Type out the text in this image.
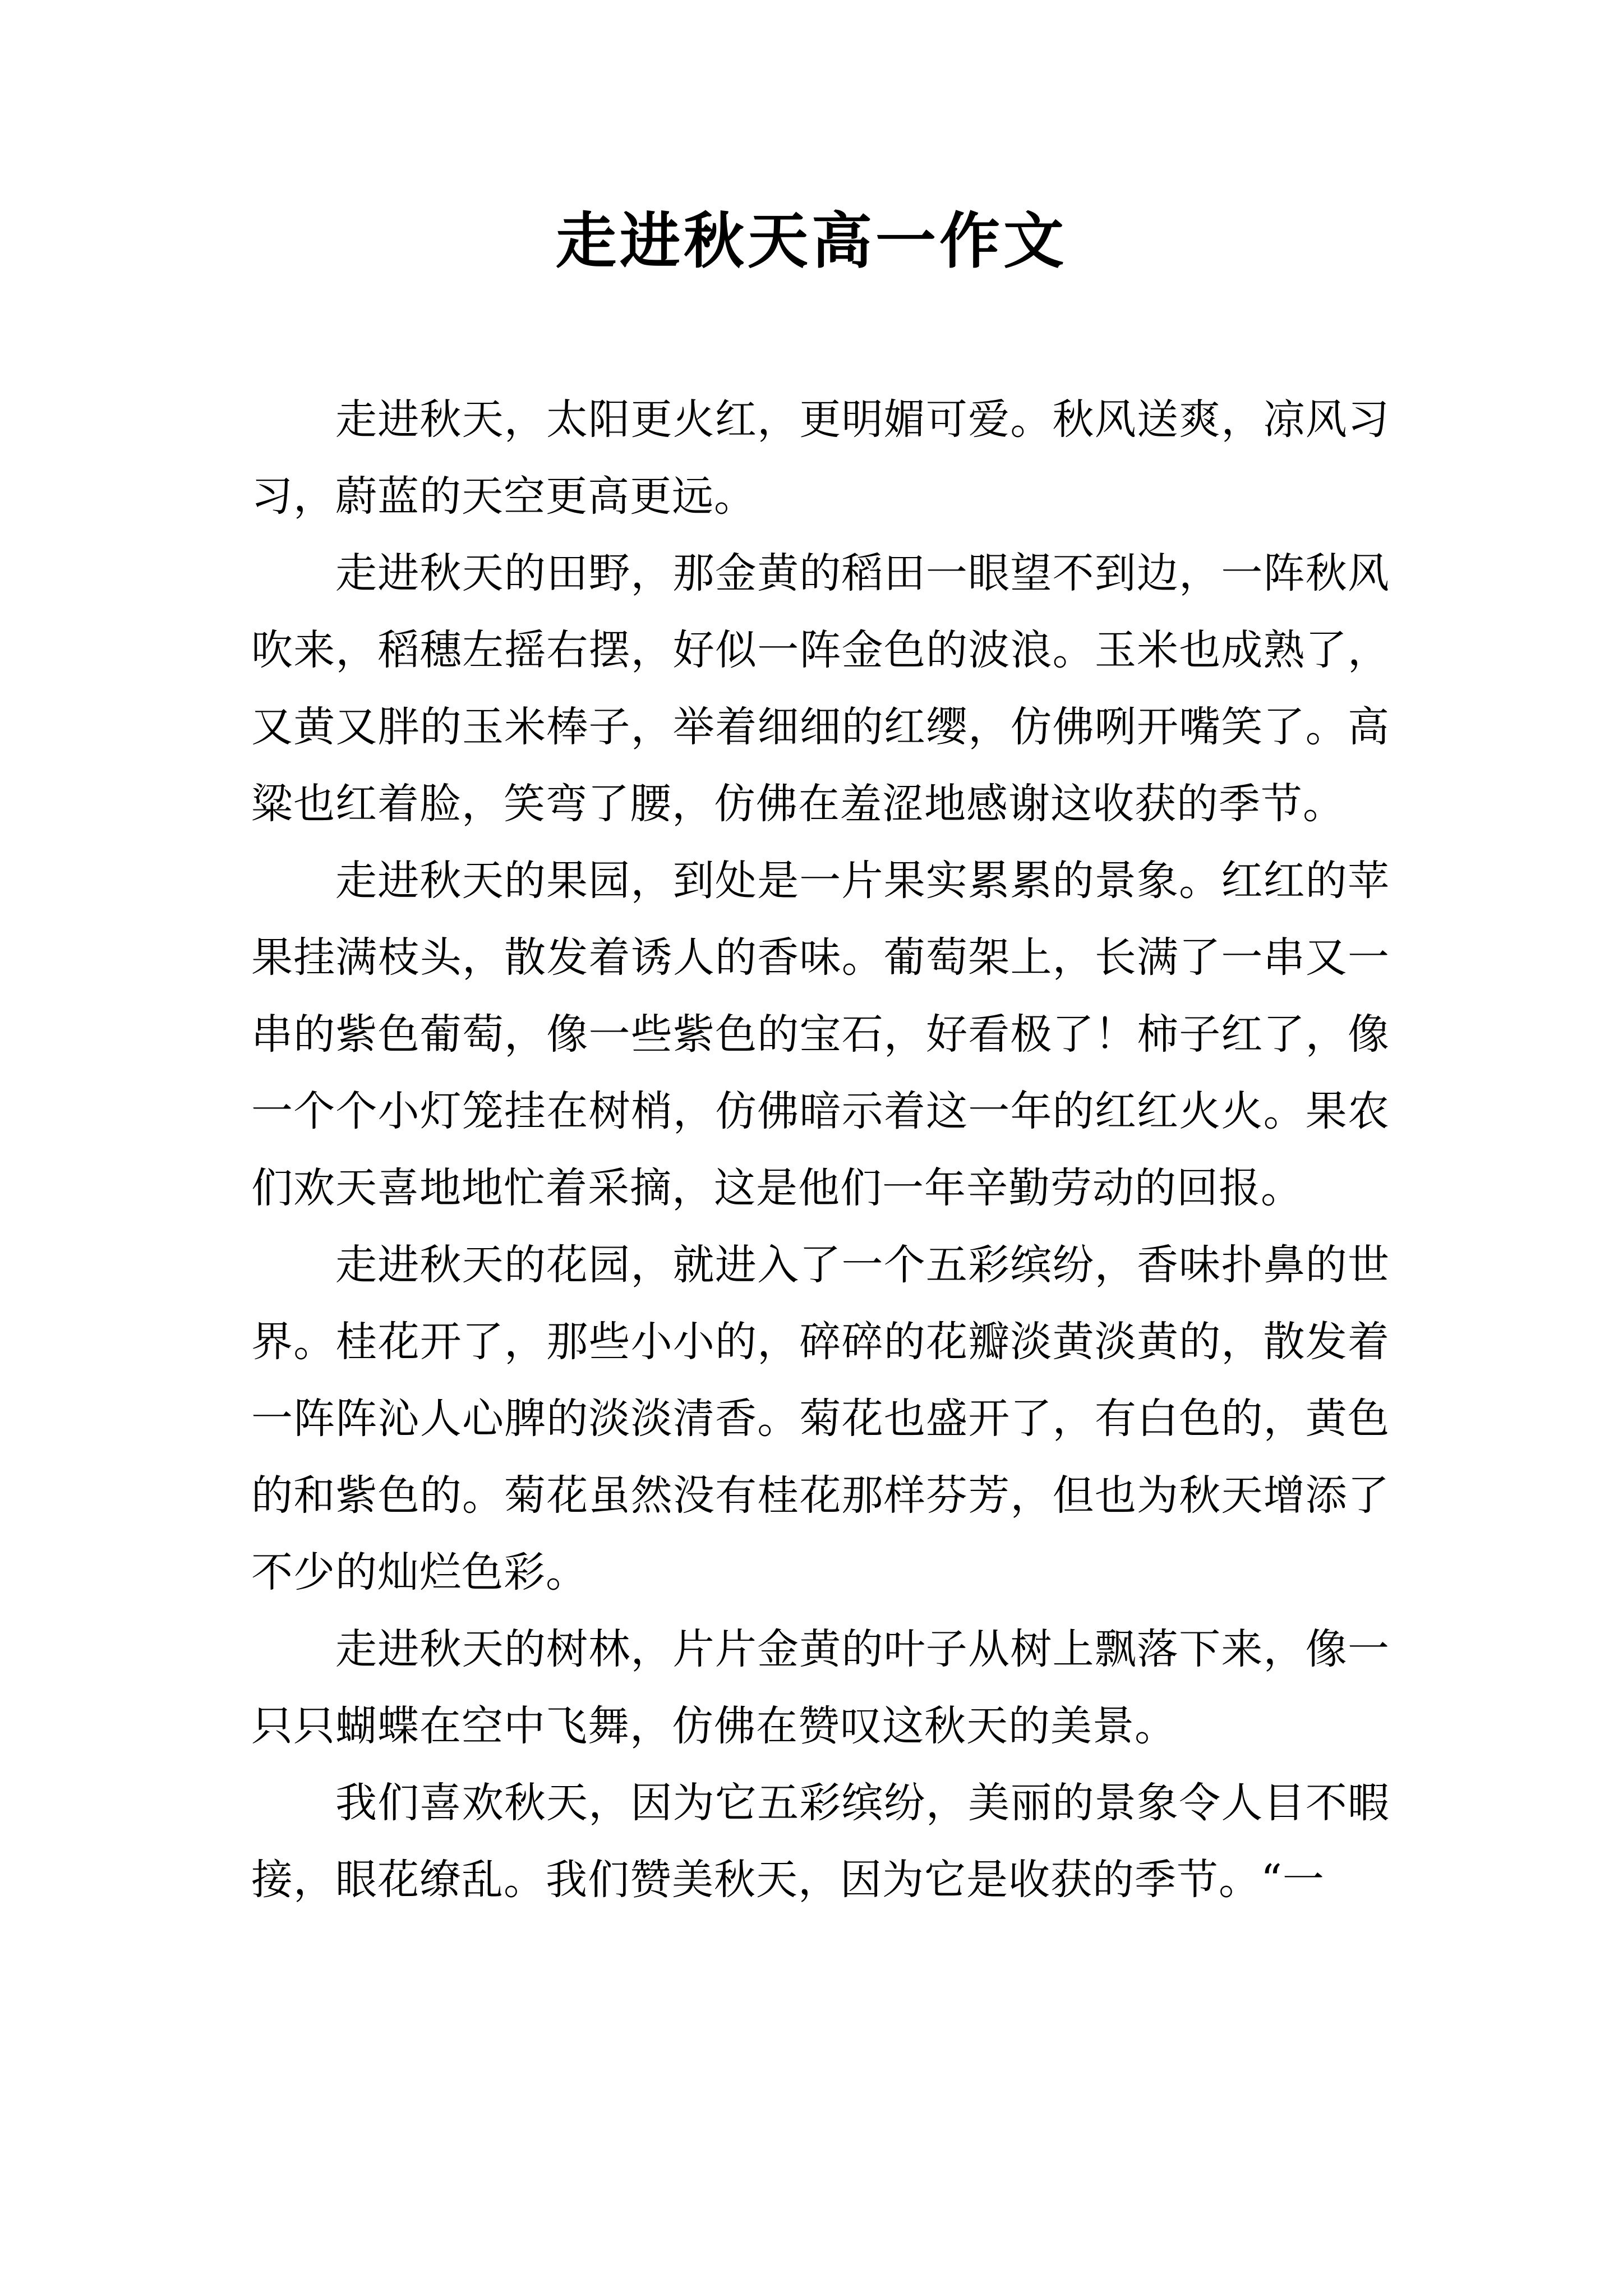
走进秋天高一作文

走进秋天，太阳更火红，更明媚可爱。秋风送爽，凉风习习，蔚蓝的天空更高更远。

走进秋天的田野，那金黄的稻田一眼望不到边，一阵秋风吹来，稻穗左摇右摆，好似一阵金色的波浪。玉米也成熟了，又黄又胖的玉米棒子，举着细细的红缨，仿佛咧开嘴笑了。高粱也红着脸，笑弯了腰，仿佛在羞涩地感谢这收获的季节。

走进秋天的果园，到处是一片果实累累的景象。红红的苹果挂满枝头，散发着诱人的香味。葡萄架上，长满了一串又一串的紫色葡萄，像一些紫色的宝石，好看极了！柿子红了，像一个个小灯笼挂在树梢，仿佛暗示着这一年的红红火火。果农们欢天喜地地忙着采摘，这是他们一年辛勤劳动的回报。

走进秋天的花园，就进入了一个五彩缤纷，香味扑鼻的世界。桂花开了，那些小小的，碎碎的花瓣淡黄淡黄的，散发着一阵阵沁人心脾的淡淡清香。菊花也盛开了，有白色的，黄色的和紫色的。菊花虽然没有桂花那样芬芳，但也为秋天增添了不少的灿烂色彩。

走进秋天的树林，片片金黄的叶子从树上飘落下来，像一只只蝴蝶在空中飞舞，仿佛在赞叹这秋天的美景。

我们喜欢秋天，因为它五彩缤纷，美丽的景象令人目不暇接，眼花缭乱。我们赞美秋天，因为它是收获的季节。“一
